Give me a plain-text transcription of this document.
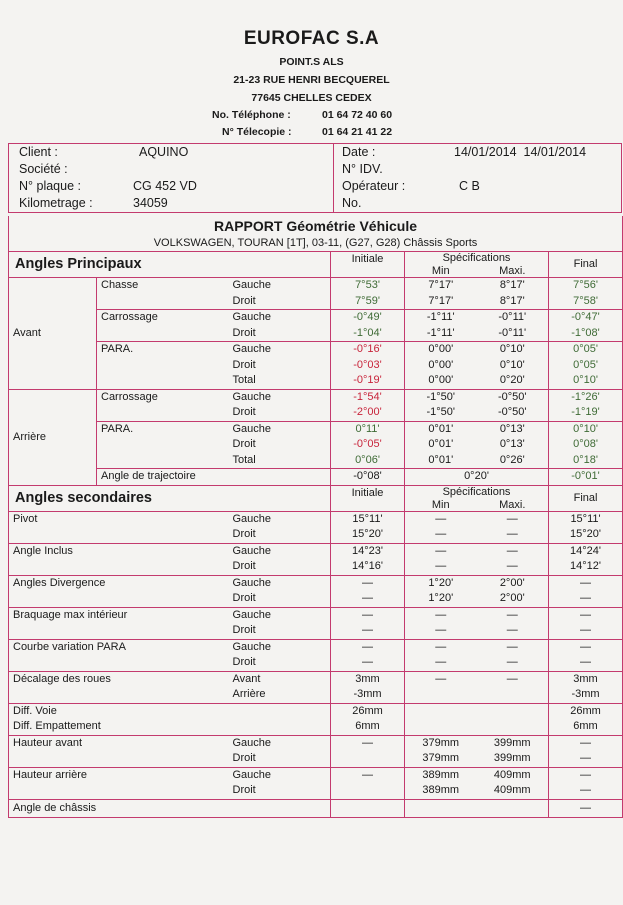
EUROFAC S.A
POINT.S ALS
21-23 RUE HENRI BECQUEREL
77645 CHELLES CEDEX
No. Téléphone :	01 64 72 40 60
N° Télecopie :	01 64 21 41 22
Client :	AQUINO
Société :
N° plaque :	CG 452 VD
Kilometrage :	34059

Date :	14/01/2014  14/01/2014
N° IDV.
Opérateur :	C B
No.
RAPPORT Géométrie Véhicule						
VOLKSWAGEN, TOURAN [1T], 03-11, (G27, G28) Châssis Sports						
Angles Principaux			Initiale	Spécifications		Final
				Min	Maxi.	
Avant	Chasse	Gauche	7°53'	7°17'	8°17'	7°56'
		Droit	7°59'	7°17'	8°17'	7°58'
	Carrossage	Gauche	-0°49'	-1°11'	-0°11'	-0°47'
		Droit	-1°04'	-1°11'	-0°11'	-1°08'
	PARA.	Gauche	-0°16'	0°00'	0°10'	0°05'
		Droit	-0°03'	0°00'	0°10'	0°05'
		Total	-0°19'	0°00'	0°20'	0°10'
Arrière	Carrossage	Gauche	-1°54'	-1°50'	-0°50'	-1°26'
		Droit	-2°00'	-1°50'	-0°50'	-1°19'
	PARA.	Gauche	0°11'	0°01'	0°13'	0°10'
		Droit	-0°05'	0°01'	0°13'	0°08'
		Total	0°06'	0°01'	0°26'	0°18'
	Angle de trajectoire		-0°08'	0°20'		-0°01'
Angles secondaires			Initiale	Spécifications		Final
				Min	Maxi.	
Pivot		Gauche	15°11'	—	—	15°11'
		Droit	15°20'	—	—	15°20'
Angle Inclus		Gauche	14°23'	—	—	14°24'
		Droit	14°16'	—	—	14°12'
Angles Divergence		Gauche	—	1°20'	2°00'	—
		Droit	—	1°20'	2°00'	—
Braquage max intérieur		Gauche	—	—	—	—
		Droit	—	—	—	—
Courbe variation PARA		Gauche	—	—	—	—
		Droit	—	—	—	—
Décalage des roues		Avant	3mm	—	—	3mm
		Arrière	-3mm			-3mm
Diff. Voie			26mm			26mm
Diff. Empattement			6mm			6mm
Hauteur avant		Gauche	—	379mm	399mm	—
		Droit		379mm	399mm	—
Hauteur arrière		Gauche	—	389mm	409mm	—
		Droit		389mm	409mm	—
Angle de châssis						—
